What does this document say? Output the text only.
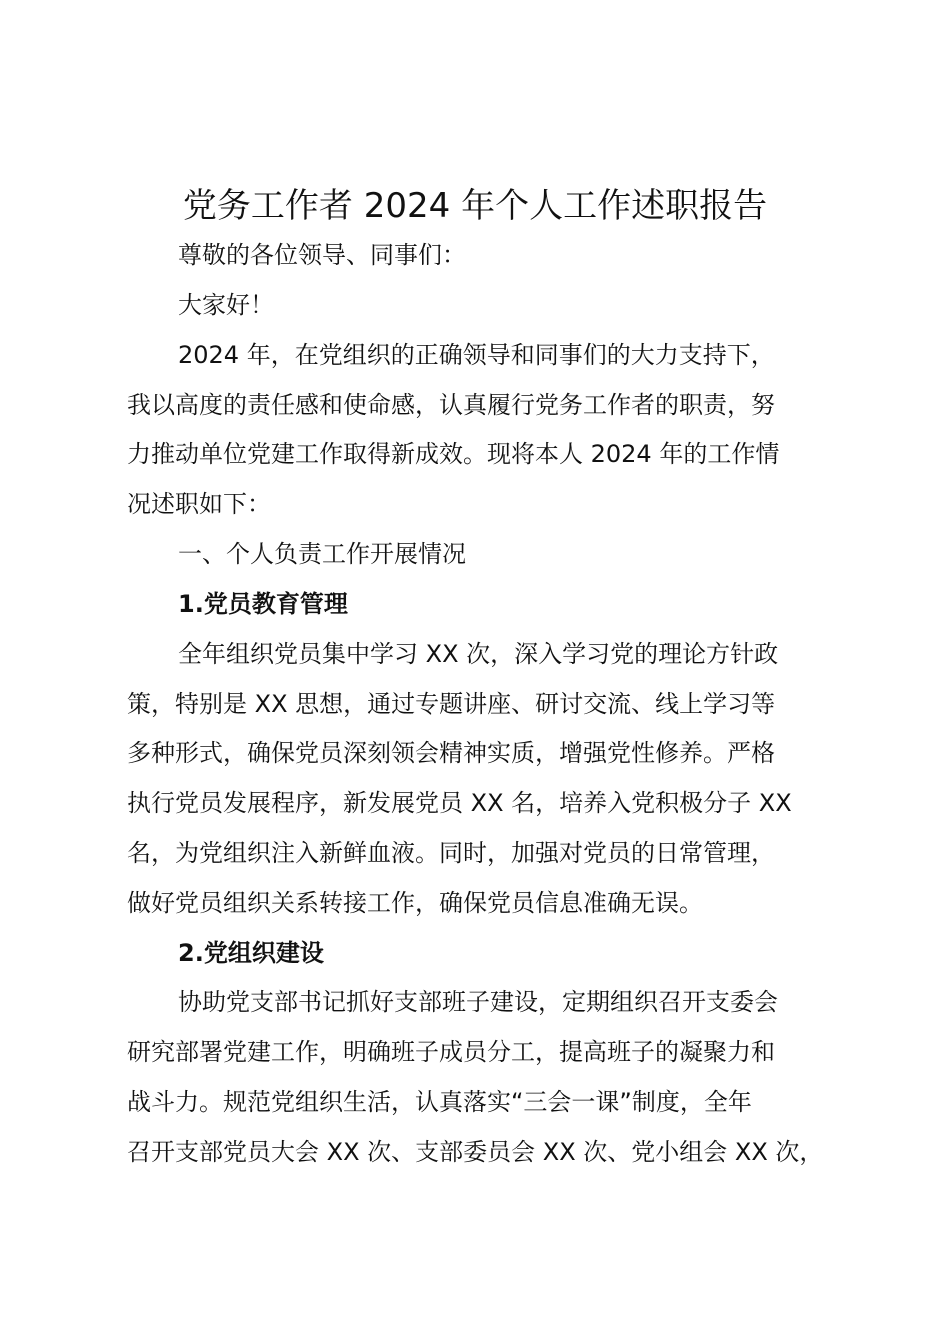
党务工作者 2024 年个人工作述职报告
尊敬的各位领导、同事们：
大家好！
2024 年，在党组织的正确领导和同事们的大力支持下，
我以高度的责任感和使命感，认真履行党务工作者的职责，努
力推动单位党建工作取得新成效。现将本人 2024 年的工作情
况述职如下：
一、个人负责工作开展情况
1.党员教育管理
全年组织党员集中学习 XX 次，深入学习党的理论方针政
策，特别是 XX 思想，通过专题讲座、研讨交流、线上学习等
多种形式，确保党员深刻领会精神实质，增强党性修养。严格
执行党员发展程序，新发展党员 XX 名，培养入党积极分子 XX
名，为党组织注入新鲜血液。同时，加强对党员的日常管理，
做好党员组织关系转接工作，确保党员信息准确无误。
2.党组织建设
协助党支部书记抓好支部班子建设，定期组织召开支委会
研究部署党建工作，明确班子成员分工，提高班子的凝聚力和
战斗力。规范党组织生活，认真落实“三会一课”制度，全年
召开支部党员大会 XX 次、支部委员会 XX 次、党小组会 XX 次，
